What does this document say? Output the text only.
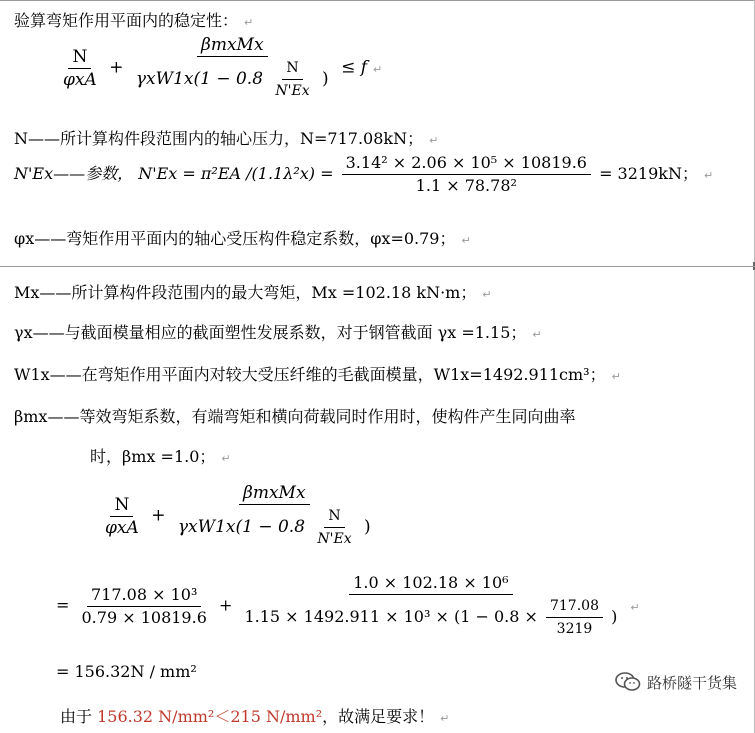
验算弯矩作用平面内的稳定性： ↵
$\frac{N}{\text{φxA}}$ +
βmxMx
$\gamma xW1x(1 - 0.8 \frac{N}{N'Ex}$ )
≤ f ↵
N——所计算构件段范围内的轴心压力，N=717.08kN； ↵
N'Ex——参数， N'Ex = π²EA $/(1.1\lambda^2x) = \frac{\text{3.14² × 2.06 × 10⁵ × 10819.6}}{\text{1.1 × 78.78²}} = 3219kN$； ↵
φx——弯矩作用平面内的轴心受压构件稳定系数，φx=0.79； ↵
Mx——所计算构件段范围内的最大弯矩，Mx =102.18 kN·m； ↵
γx——与截面模量相应的截面塑性发展系数，对于钢管截面 γx =1.15； ↵
W1x——在弯矩作用平面内对较大受压纤维的毛截面模量，W1x=1492.911cm³； ↵
βmx——等效弯矩系数，有端弯矩和横向荷载同时作用时，使构件产生同向曲率
时，βmx =1.0； ↵
$\frac{N}{\text{φxA}}$ +
βmxMx
$\gamma xW1x(1 - 0.8 \frac{N}{N'Ex}$ )
= $\frac{\text{717.08 × 10³}}{0.79 \times 10819.6}$ +
1.0 × 102.18 × 10⁶
$1.15 \times 1492.911 \times 10^3 \times (1 - 0.8 \times \frac{717.08}{3219}$ )	↵
= 156.32N / mm²
由于 156.32 N/mm²＜215 N/mm²，故满足要求！ ↵
路桥隧干货集
